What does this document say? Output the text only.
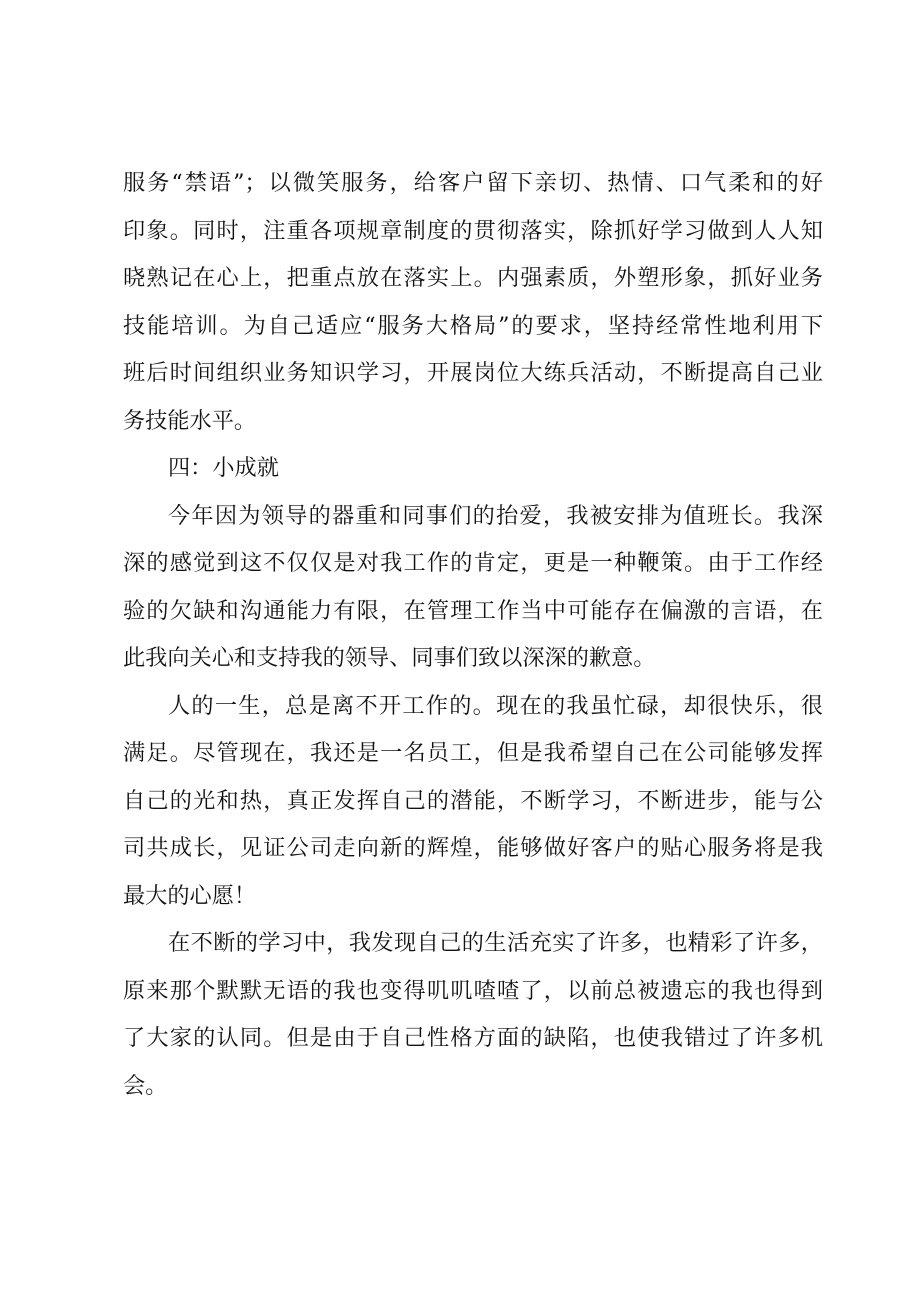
服务“禁语”；以微笑服务，给客户留下亲切、热情、口气柔和的好
印象。同时，注重各项规章制度的贯彻落实，除抓好学习做到人人知
晓熟记在心上，把重点放在落实上。内强素质，外塑形象，抓好业务
技能培训。为自己适应“服务大格局”的要求，坚持经常性地利用下
班后时间组织业务知识学习，开展岗位大练兵活动，不断提高自己业
务技能水平。
四：小成就
今年因为领导的器重和同事们的抬爱，我被安排为值班长。我深
深的感觉到这不仅仅是对我工作的肯定，更是一种鞭策。由于工作经
验的欠缺和沟通能力有限，在管理工作当中可能存在偏激的言语，在
此我向关心和支持我的领导、同事们致以深深的歉意。
人的一生，总是离不开工作的。现在的我虽忙碌，却很快乐，很
满足。尽管现在，我还是一名员工，但是我希望自己在公司能够发挥
自己的光和热，真正发挥自己的潜能，不断学习，不断进步，能与公
司共成长，见证公司走向新的辉煌，能够做好客户的贴心服务将是我
最大的心愿！
在不断的学习中，我发现自己的生活充实了许多，也精彩了许多，
原来那个默默无语的我也变得叽叽喳喳了，以前总被遗忘的我也得到
了大家的认同。但是由于自己性格方面的缺陷，也使我错过了许多机
会。
